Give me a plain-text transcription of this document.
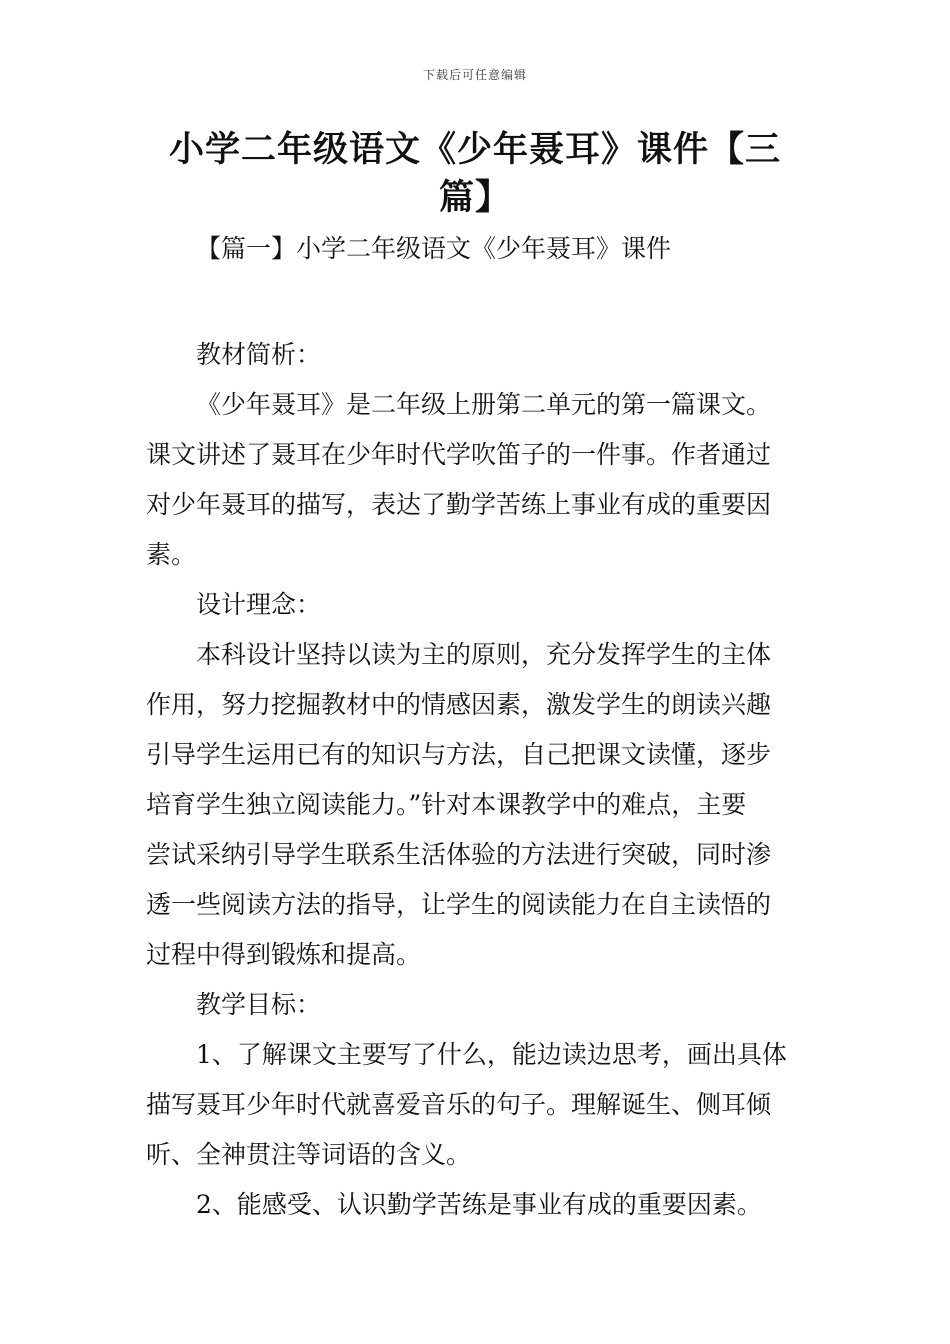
下载后可任意编辑
小学二年级语文《少年聂耳》课件【三
篇】
【篇一】小学二年级语文《少年聂耳》课件
教材简析：
《少年聂耳》是二年级上册第二单元的第一篇课文。
课文讲述了聂耳在少年时代学吹笛子的一件事。作者通过
对少年聂耳的描写，表达了勤学苦练上事业有成的重要因
素。
设计理念：
本科设计坚持以读为主的原则，充分发挥学生的主体
作用，努力挖掘教材中的情感因素，激发学生的朗读兴趣
引导学生运用已有的知识与方法，自己把课文读懂，逐步
培育学生独立阅读能力。”针对本课教学中的难点，主要
尝试采纳引导学生联系生活体验的方法进行突破，同时渗
透一些阅读方法的指导，让学生的阅读能力在自主读悟的
过程中得到锻炼和提高。
教学目标：
1、了解课文主要写了什么，能边读边思考，画出具体
描写聂耳少年时代就喜爱音乐的句子。理解诞生、侧耳倾
听、全神贯注等词语的含义。
2、能感受、认识勤学苦练是事业有成的重要因素。
